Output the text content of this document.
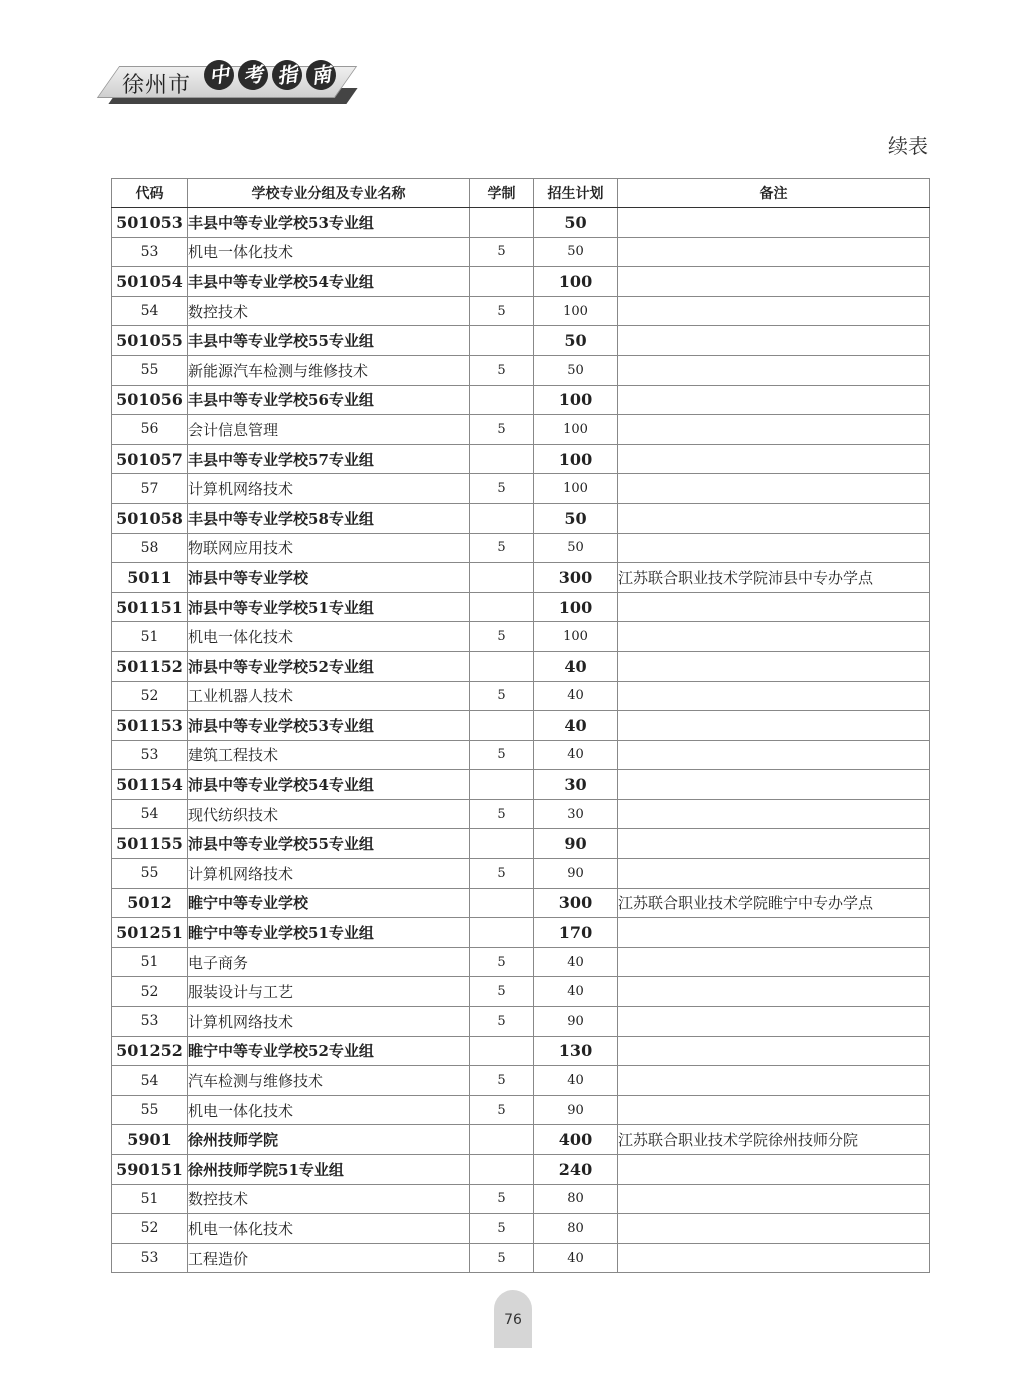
徐州市 中 考 指 南
续表
代码	学校专业分组及专业名称	学制	招生计划	备注
501053	丰县中等专业学校53专业组		50	
53	机电一体化技术	5	50	
501054	丰县中等专业学校54专业组		100	
54	数控技术	5	100	
501055	丰县中等专业学校55专业组		50	
55	新能源汽车检测与维修技术	5	50	
501056	丰县中等专业学校56专业组		100	
56	会计信息管理	5	100	
501057	丰县中等专业学校57专业组		100	
57	计算机网络技术	5	100	
501058	丰县中等专业学校58专业组		50	
58	物联网应用技术	5	50	
5011	沛县中等专业学校		300	江苏联合职业技术学院沛县中专办学点
501151	沛县中等专业学校51专业组		100	
51	机电一体化技术	5	100	
501152	沛县中等专业学校52专业组		40	
52	工业机器人技术	5	40	
501153	沛县中等专业学校53专业组		40	
53	建筑工程技术	5	40	
501154	沛县中等专业学校54专业组		30	
54	现代纺织技术	5	30	
501155	沛县中等专业学校55专业组		90	
55	计算机网络技术	5	90	
5012	睢宁中等专业学校		300	江苏联合职业技术学院睢宁中专办学点
501251	睢宁中等专业学校51专业组		170	
51	电子商务	5	40	
52	服装设计与工艺	5	40	
53	计算机网络技术	5	90	
501252	睢宁中等专业学校52专业组		130	
54	汽车检测与维修技术	5	40	
55	机电一体化技术	5	90	
5901	徐州技师学院		400	江苏联合职业技术学院徐州技师分院
590151	徐州技师学院51专业组		240	
51	数控技术	5	80	
52	机电一体化技术	5	80	
53	工程造价	5	40	
76
